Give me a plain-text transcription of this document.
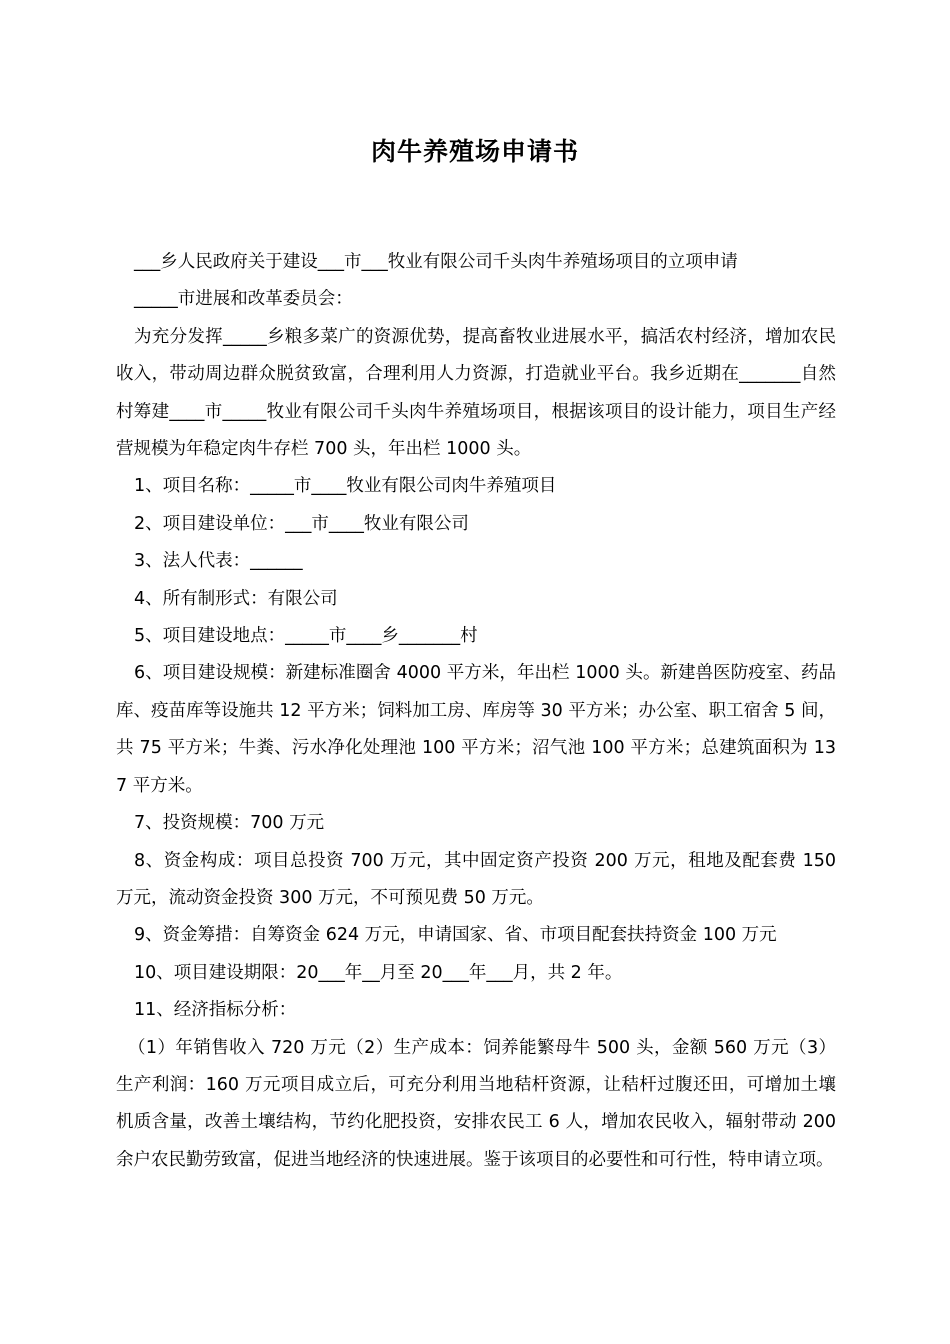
肉牛养殖场申请书

___乡人民政府关于建设___市___牧业有限公司千头肉牛养殖场项目的立项申请

_____市进展和改革委员会：

为充分发挥_____乡粮多菜广的资源优势，提高畜牧业进展水平，搞活农村经济，增加农民收入，带动周边群众脱贫致富，合理利用人力资源，打造就业平台。我乡近期在_______自然村筹建____市_____牧业有限公司千头肉牛养殖场项目，根据该项目的设计能力，项目生产经营规模为年稳定肉牛存栏 700 头，年出栏 1000 头。

1、项目名称：_____市____牧业有限公司肉牛养殖项目

2、项目建设单位：___市____牧业有限公司

3、法人代表：______

4、所有制形式：有限公司

5、项目建设地点：_____市____乡_______村

6、项目建设规模：新建标准圈舍 4000 平方米，年出栏 1000 头。新建兽医防疫室、药品库、疫苗库等设施共 12 平方米；饲料加工房、库房等 30 平方米；办公室、职工宿舍 5 间，共 75 平方米；牛粪、污水净化处理池 100 平方米；沼气池 100 平方米；总建筑面积为 137 平方米。

7、投资规模：700 万元

8、资金构成：项目总投资 700 万元，其中固定资产投资 200 万元，租地及配套费 150 万元，流动资金投资 300 万元，不可预见费 50 万元。

9、资金筹措：自筹资金 624 万元，申请国家、省、市项目配套扶持资金 100 万元

10、项目建设期限：20___年__月至 20___年___月，共 2 年。

11、经济指标分析：

（1）年销售收入 720 万元（2）生产成本：饲养能繁母牛 500 头，金额 560 万元（3）生产利润：160 万元项目成立后，可充分利用当地秸杆资源，让秸杆过腹还田，可增加土壤机质含量，改善土壤结构，节约化肥投资，安排农民工 6 人，增加农民收入，辐射带动 200 余户农民勤劳致富，促进当地经济的快速进展。鉴于该项目的必要性和可行性，特申请立项。
